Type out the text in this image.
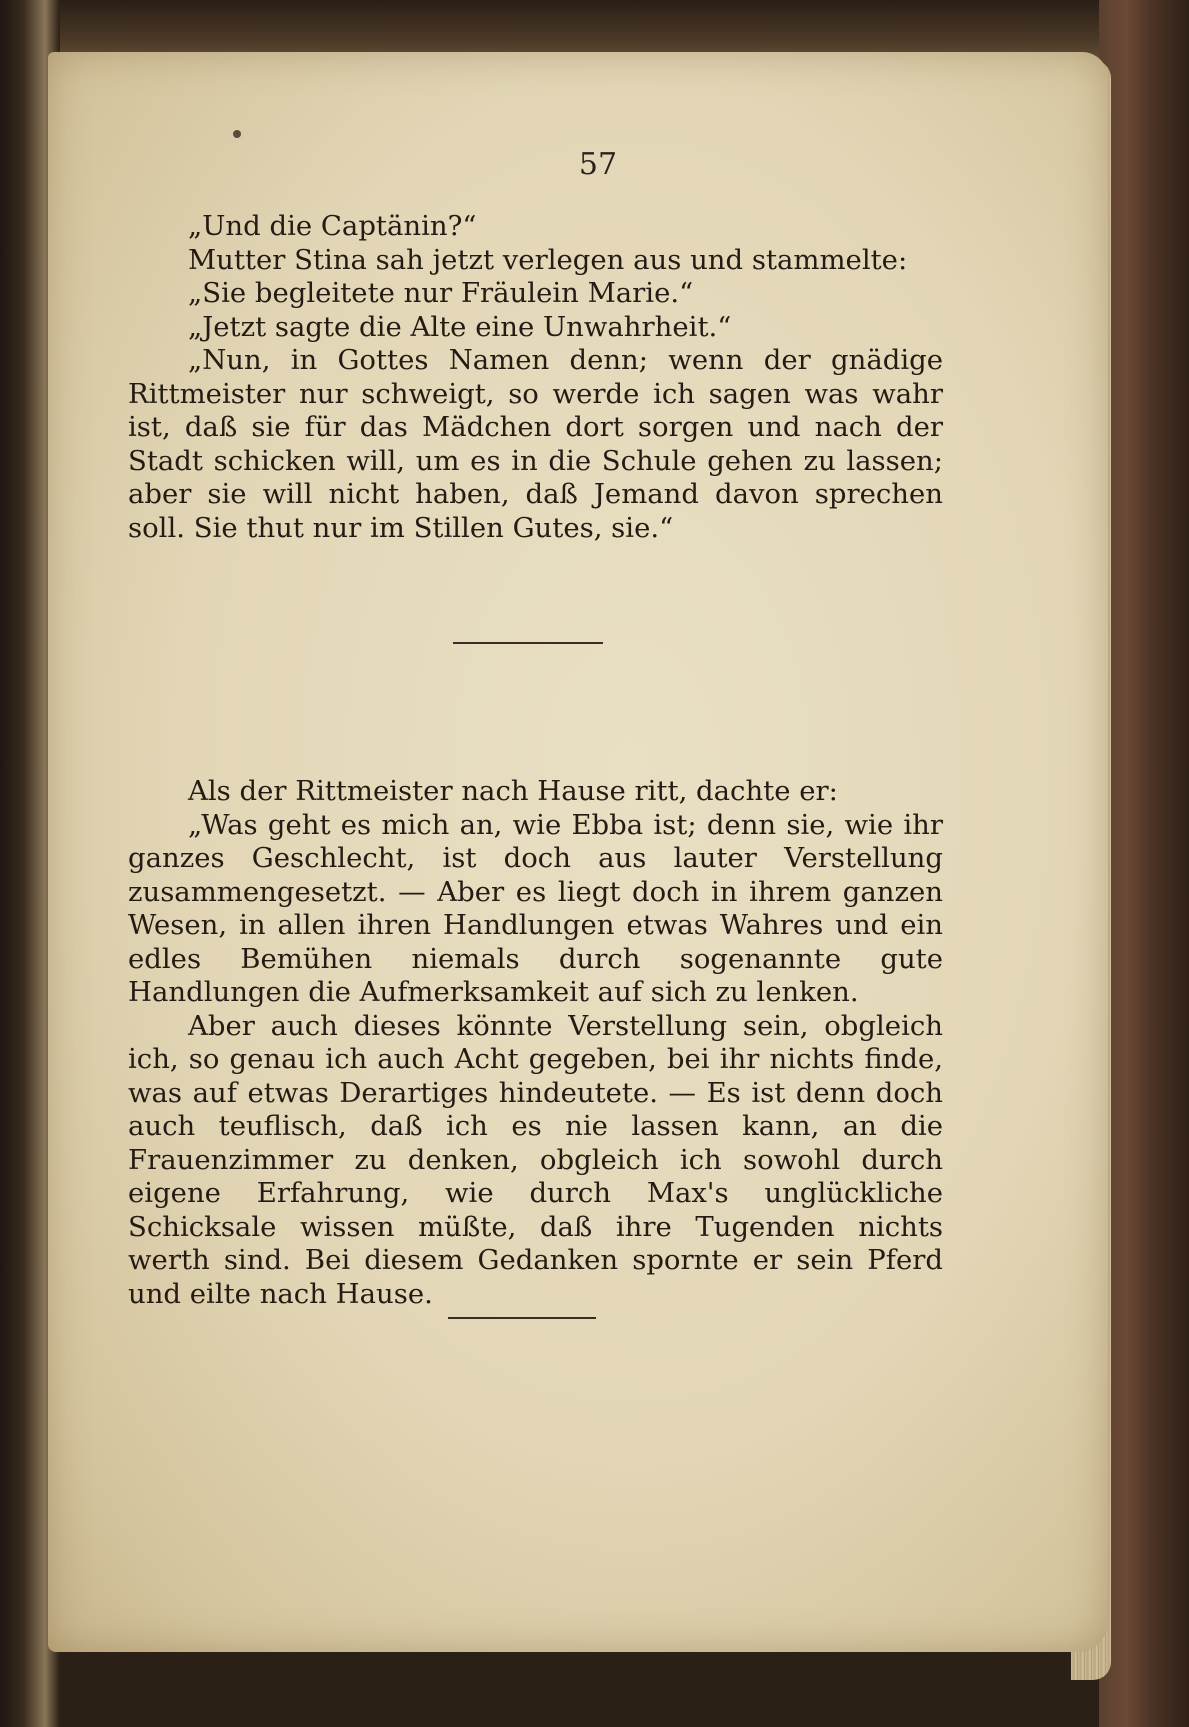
57

„Und die Captänin?“

Mutter Stina sah jetzt verlegen aus und stammelte:

„Sie begleitete nur Fräulein Marie.“

„Jetzt sagte die Alte eine Unwahrheit.“

„Nun, in Gottes Namen denn; wenn der gnädige Rittmeister nur schweigt, so werde ich sagen was wahr ist, daß sie für das Mädchen dort sorgen und nach der Stadt schicken will, um es in die Schule gehen zu lassen; aber sie will nicht haben, daß Jemand davon sprechen soll. Sie thut nur im Stillen Gutes, sie.“

Als der Rittmeister nach Hause ritt, dachte er:

„Was geht es mich an, wie Ebba ist; denn sie, wie ihr ganzes Geschlecht, ist doch aus lauter Verstellung zusammengesetzt. — Aber es liegt doch in ihrem ganzen Wesen, in allen ihren Handlungen etwas Wahres und ein edles Bemühen niemals durch sogenannte gute Handlungen die Aufmerksamkeit auf sich zu lenken.

Aber auch dieses könnte Verstellung sein, obgleich ich, so genau ich auch Acht gegeben, bei ihr nichts finde, was auf etwas Derartiges hindeutete. — Es ist denn doch auch teuflisch, daß ich es nie lassen kann, an die Frauenzimmer zu denken, obgleich ich sowohl durch eigene Erfahrung, wie durch Max's unglückliche Schicksale wissen müßte, daß ihre Tugenden nichts werth sind. Bei diesem Gedanken spornte er sein Pferd und eilte nach Hause.
